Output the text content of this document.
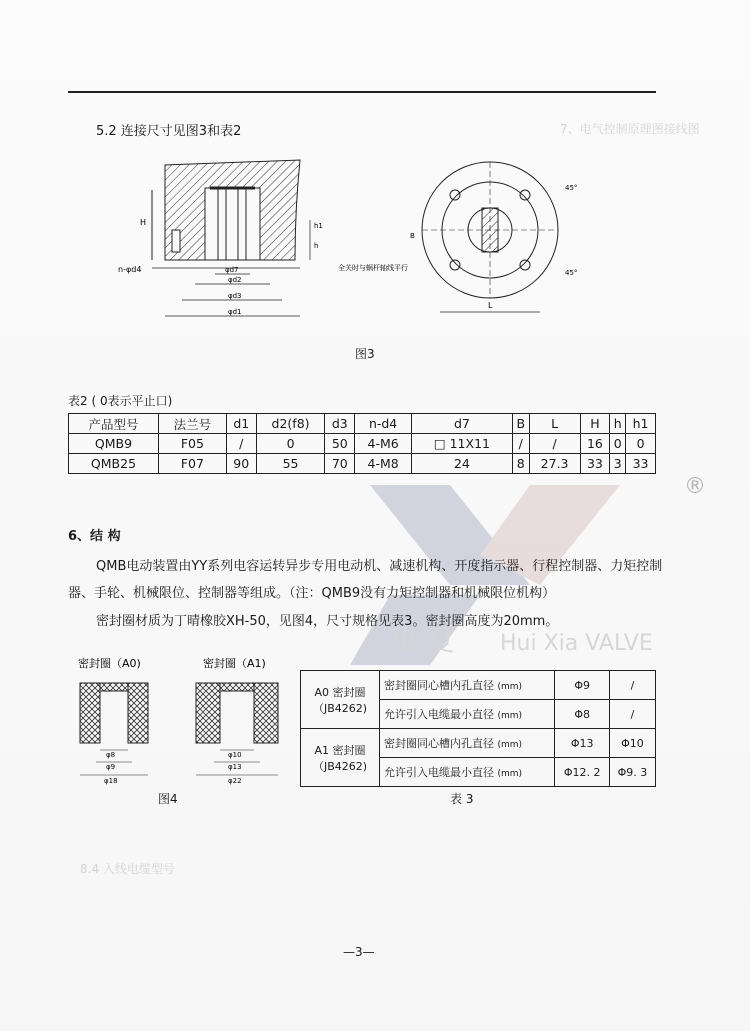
7、电气控制原理图接线图
8.4 入线电缆型号
5.2 连接尺寸见图3和表2
H
n-φd4	φd7
φd2
φd3
φd1
h1
h
B
L
45°
45°
全关时与蜗杆轴线平行
图3
表2 ( 0表示平止口)
产品型号	法兰号	d1	d2(f8)	d3	n-d4	d7	B	L	H	h	h1
QMB9	F05	/	0	50	4-M6	□ 11X11	/	/	16	0	0
QMB25	F07	90	55	70	4-M8	24	8	27.3	33	3	33
惠 夏 Hui Xia VALVE
®
6、结 构
QMB电动装置由YY系列电容运转异步专用电动机、减速机构、开度指示器、行程控制器、力矩控制器、手轮、机械限位、控制器等组成。（注：QMB9没有力矩控制器和机械限位机构）
密封圈材质为丁晴橡胶XH-50，见图4，尺寸规格见表3。密封圈高度为20mm。
密封圈（A0)	密封圈（A1)
φ8
φ9
φ18
φ10
φ13
φ22
图4
A0 密封圈
（JB4262)	密封圈同心槽内孔直径 (mm)	Φ9	/
	允许引入电缆最小直径 (mm)	Φ8	/

A1 密封圈
（JB4262)	密封圈同心槽内孔直径 (mm)	Φ13	Φ10
	允许引入电缆最小直径 (mm)	Φ12. 2	Φ9. 3
表 3
—3—
